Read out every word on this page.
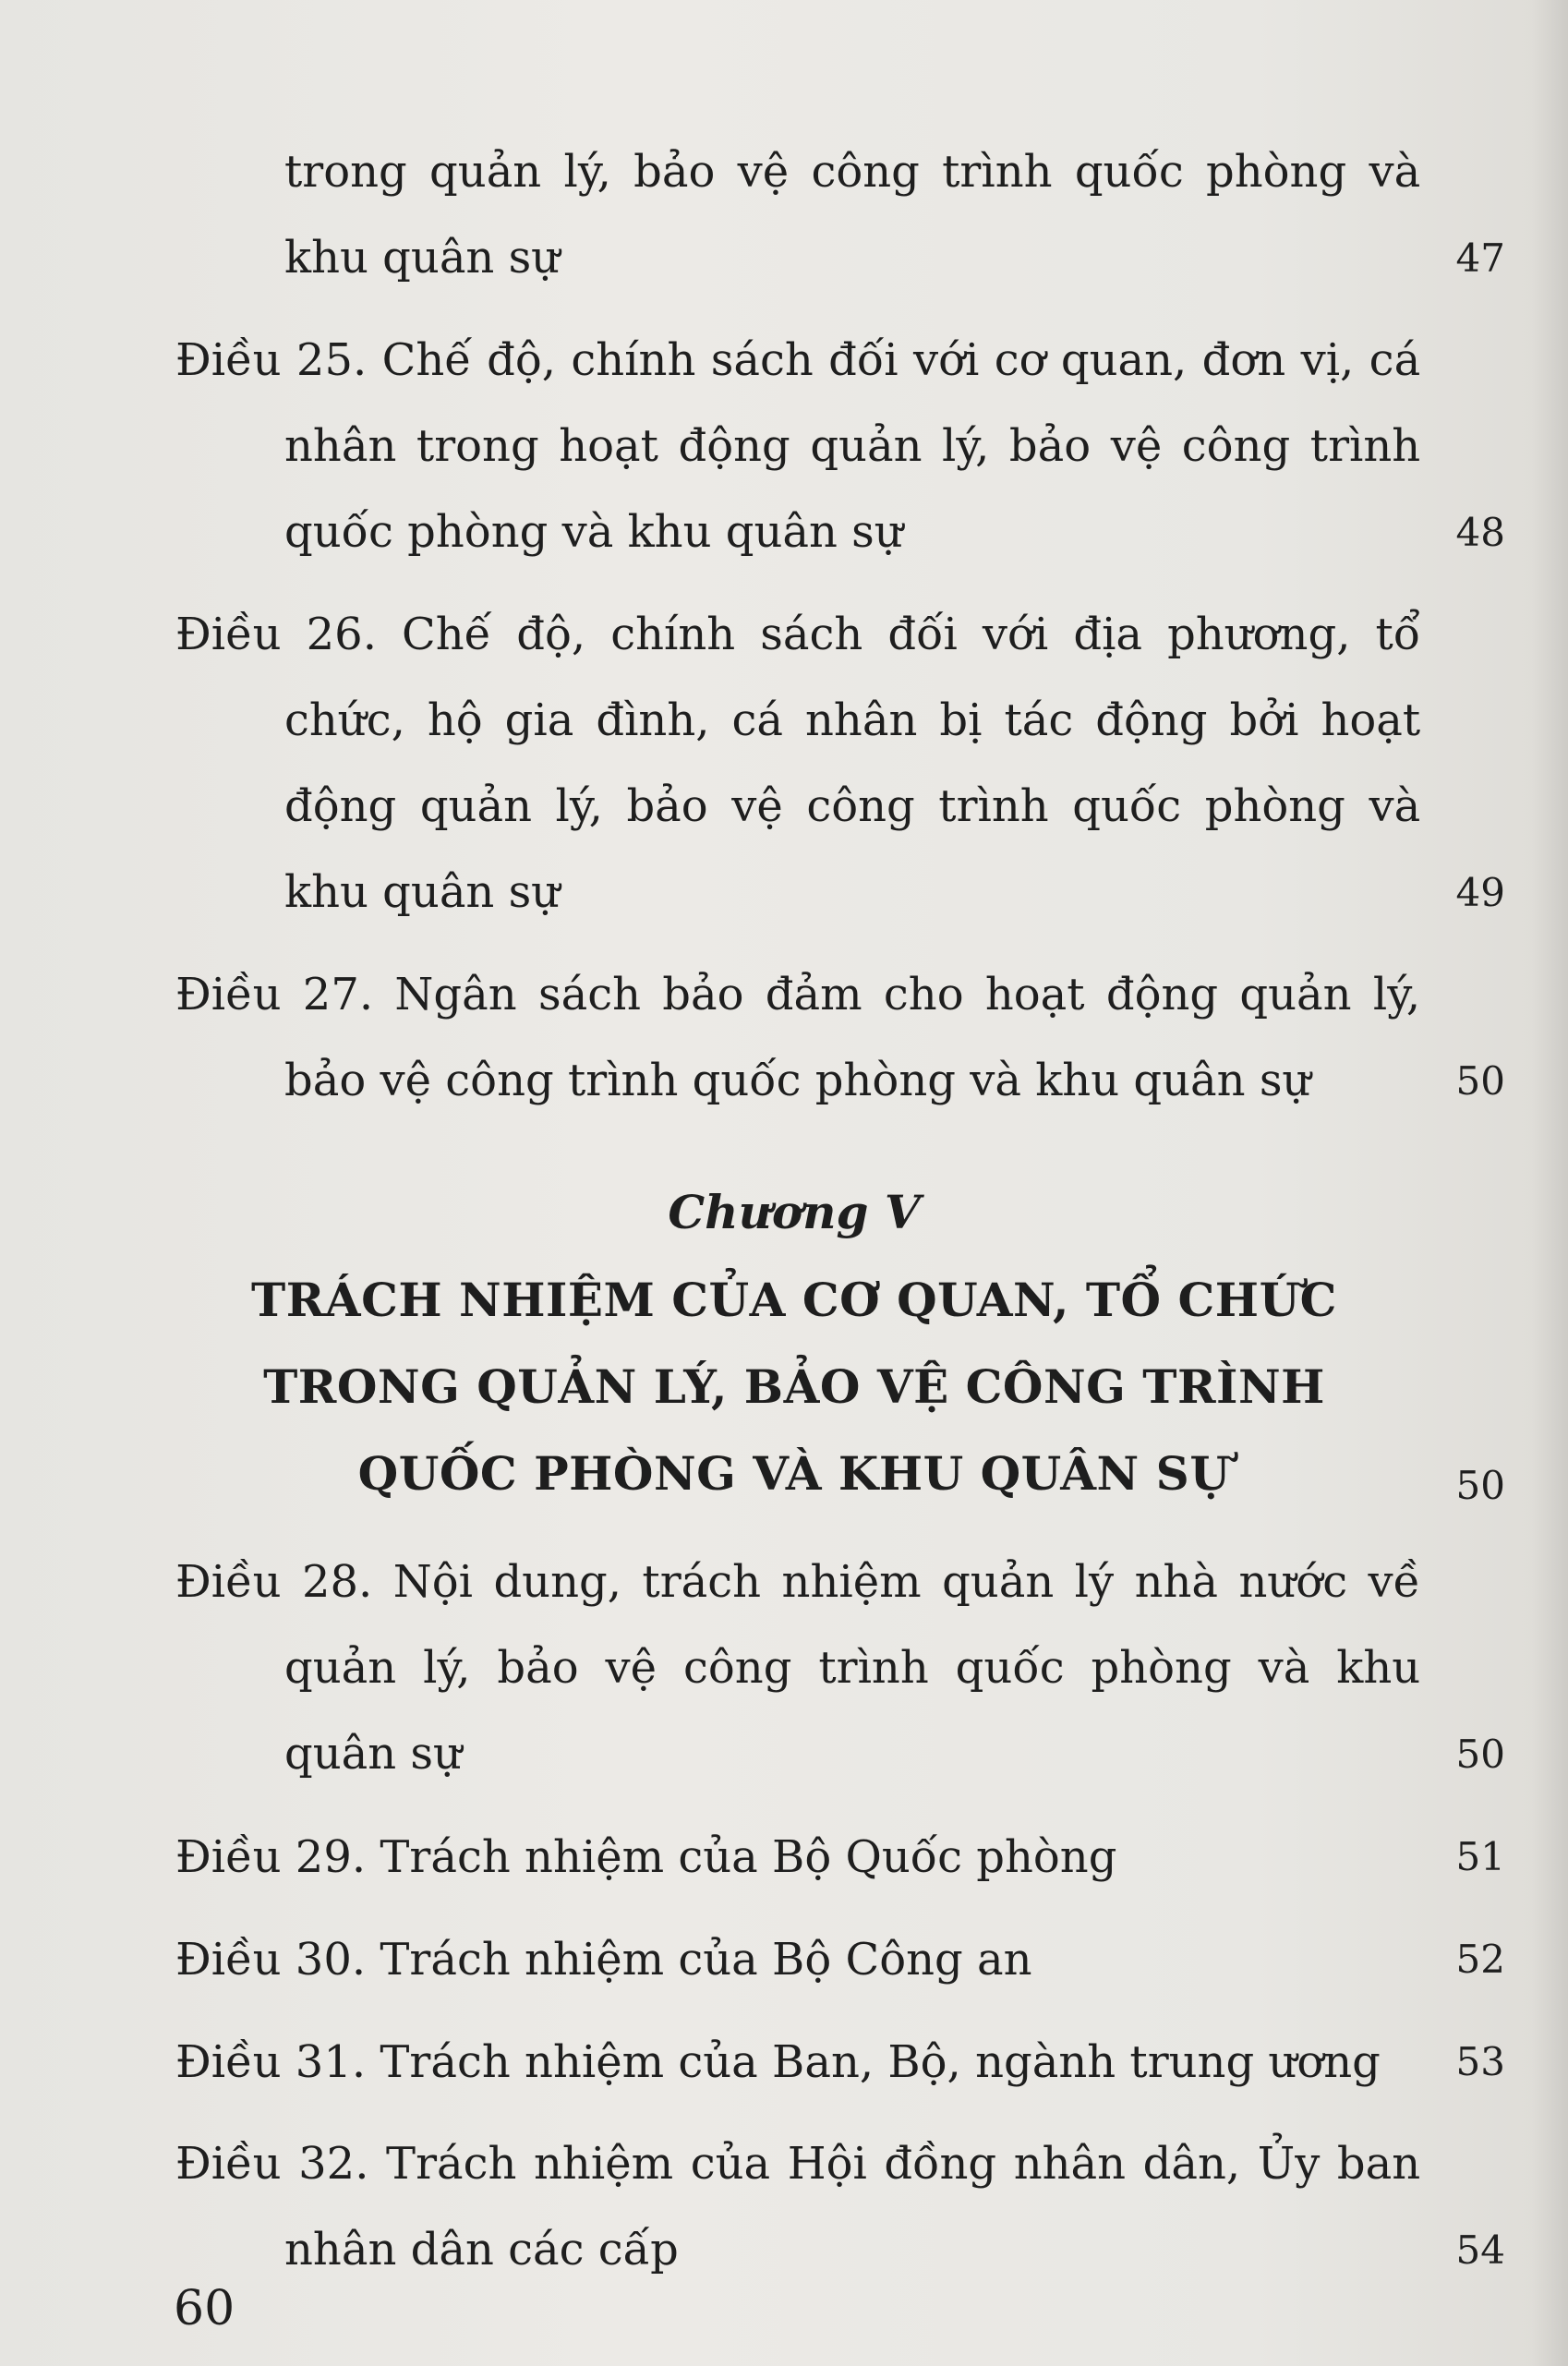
trong quản lý, bảo vệ công trình quốc phòng và khu quân sự	47
Điều 25. Chế độ, chính sách đối với cơ quan, đơn vị, cá nhân trong hoạt động quản lý, bảo vệ công trình quốc phòng và khu quân sự	48
Điều 26. Chế độ, chính sách đối với địa phương, tổ chức, hộ gia đình, cá nhân bị tác động bởi hoạt động quản lý, bảo vệ công trình quốc phòng và khu quân sự	49
Điều 27. Ngân sách bảo đảm cho hoạt động quản lý, bảo vệ công trình quốc phòng và khu quân sự	50
Chương V
TRÁCH NHIỆM CỦA CƠ QUAN, TỔ CHỨC
TRONG QUẢN LÝ, BẢO VỆ CÔNG TRÌNH
QUỐC PHÒNG VÀ KHU QUÂN SỰ	50
Điều 28. Nội dung, trách nhiệm quản lý nhà nước về quản lý, bảo vệ công trình quốc phòng và khu quân sự	50
Điều 29. Trách nhiệm của Bộ Quốc phòng	51
Điều 30. Trách nhiệm của Bộ Công an	52
Điều 31. Trách nhiệm của Ban, Bộ, ngành trung ương	53
Điều 32. Trách nhiệm của Hội đồng nhân dân, Ủy ban nhân dân các cấp	54
60
